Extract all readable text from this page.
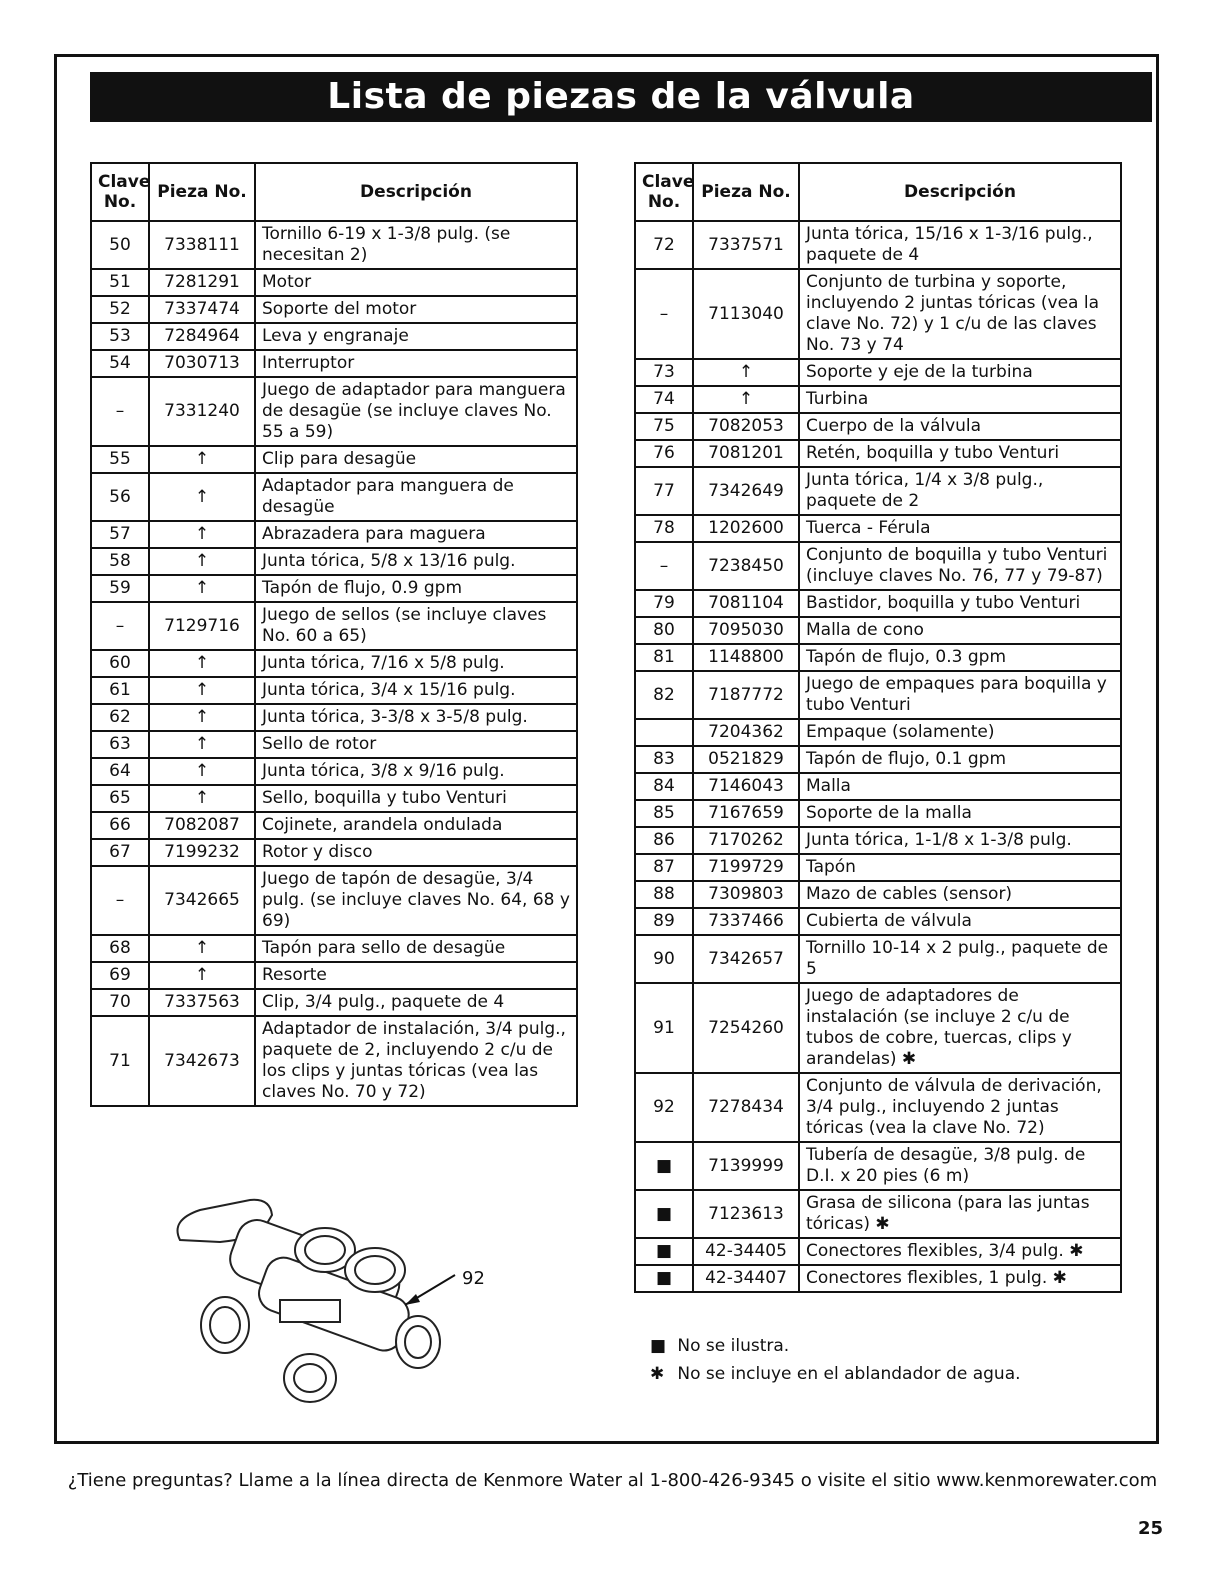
Lista de piezas de la válvula
Clave No.	Pieza No.	Descripción
50	7338111	Tornillo 6-19 x 1-3/8 pulg. (se necesitan 2)
51	7281291	Motor
52	7337474	Soporte del motor
53	7284964	Leva y engranaje
54	7030713	Interruptor
–	7331240	Juego de adaptador para manguera de desagüe (se incluye claves No. 55 a 59)
55	↑	Clip para desagüe
56	↑	Adaptador para manguera de desagüe
57	↑	Abrazadera para maguera
58	↑	Junta tórica, 5/8 x 13/16 pulg.
59	↑	Tapón de flujo, 0.9 gpm
–	7129716	Juego de sellos (se incluye claves No. 60 a 65)
60	↑	Junta tórica, 7/16 x 5/8 pulg.
61	↑	Junta tórica, 3/4 x 15/16 pulg.
62	↑	Junta tórica, 3-3/8 x 3-5/8 pulg.
63	↑	Sello de rotor
64	↑	Junta tórica, 3/8 x 9/16 pulg.
65	↑	Sello, boquilla y tubo Venturi
66	7082087	Cojinete, arandela ondulada
67	7199232	Rotor y disco
–	7342665	Juego de tapón de desagüe, 3/4 pulg. (se incluye claves No. 64, 68 y 69)
68	↑	Tapón para sello de desagüe
69	↑	Resorte
70	7337563	Clip, 3/4 pulg., paquete de 4
71	7342673	Adaptador de instalación, 3/4 pulg., paquete de 2, incluyendo 2 c/u de los clips y juntas tóricas (vea las claves No. 70 y 72)
Clave No.	Pieza No.	Descripción
72	7337571	Junta tórica, 15/16 x 1-3/16 pulg., paquete de 4
–	7113040	Conjunto de turbina y soporte, incluyendo 2 juntas tóricas (vea la clave No. 72) y 1 c/u de las claves No. 73 y 74
73	↑	Soporte y eje de la turbina
74	↑	Turbina
75	7082053	Cuerpo de la válvula
76	7081201	Retén, boquilla y tubo Venturi
77	7342649	Junta tórica, 1/4 x 3/8 pulg., paquete de 2
78	1202600	Tuerca - Férula
–	7238450	Conjunto de boquilla y tubo Venturi (incluye claves No. 76, 77 y 79-87)
79	7081104	Bastidor, boquilla y tubo Venturi
80	7095030	Malla de cono
81	1148800	Tapón de flujo, 0.3 gpm
82	7187772	Juego de empaques para boquilla y tubo Venturi
	7204362	Empaque (solamente)
83	0521829	Tapón de flujo, 0.1 gpm
84	7146043	Malla
85	7167659	Soporte de la malla
86	7170262	Junta tórica, 1-1/8 x 1-3/8 pulg.
87	7199729	Tapón
88	7309803	Mazo de cables (sensor)
89	7337466	Cubierta de válvula
90	7342657	Tornillo 10-14 x 2 pulg., paquete de 5
91	7254260	Juego de adaptadores de instalación (se incluye 2 c/u de tubos de cobre, tuercas, clips y arandelas) ✱
92	7278434	Conjunto de válvula de derivación, 3/4 pulg., incluyendo 2 juntas tóricas (vea la clave No. 72)
■	7139999	Tubería de desagüe, 3/8 pulg. de D.I. x 20 pies (6 m)
■	7123613	Grasa de silicona (para las juntas tóricas) ✱
■	42-34405	Conectores flexibles, 3/4 pulg. ✱
■	42-34407	Conectores flexibles, 1 pulg. ✱
92
■ No se ilustra.
✱ No se incluye en el ablandador de agua.
¿Tiene preguntas? Llame a la línea directa de Kenmore Water al 1-800-426-9345 o visite el sitio www.kenmorewater.com
25
